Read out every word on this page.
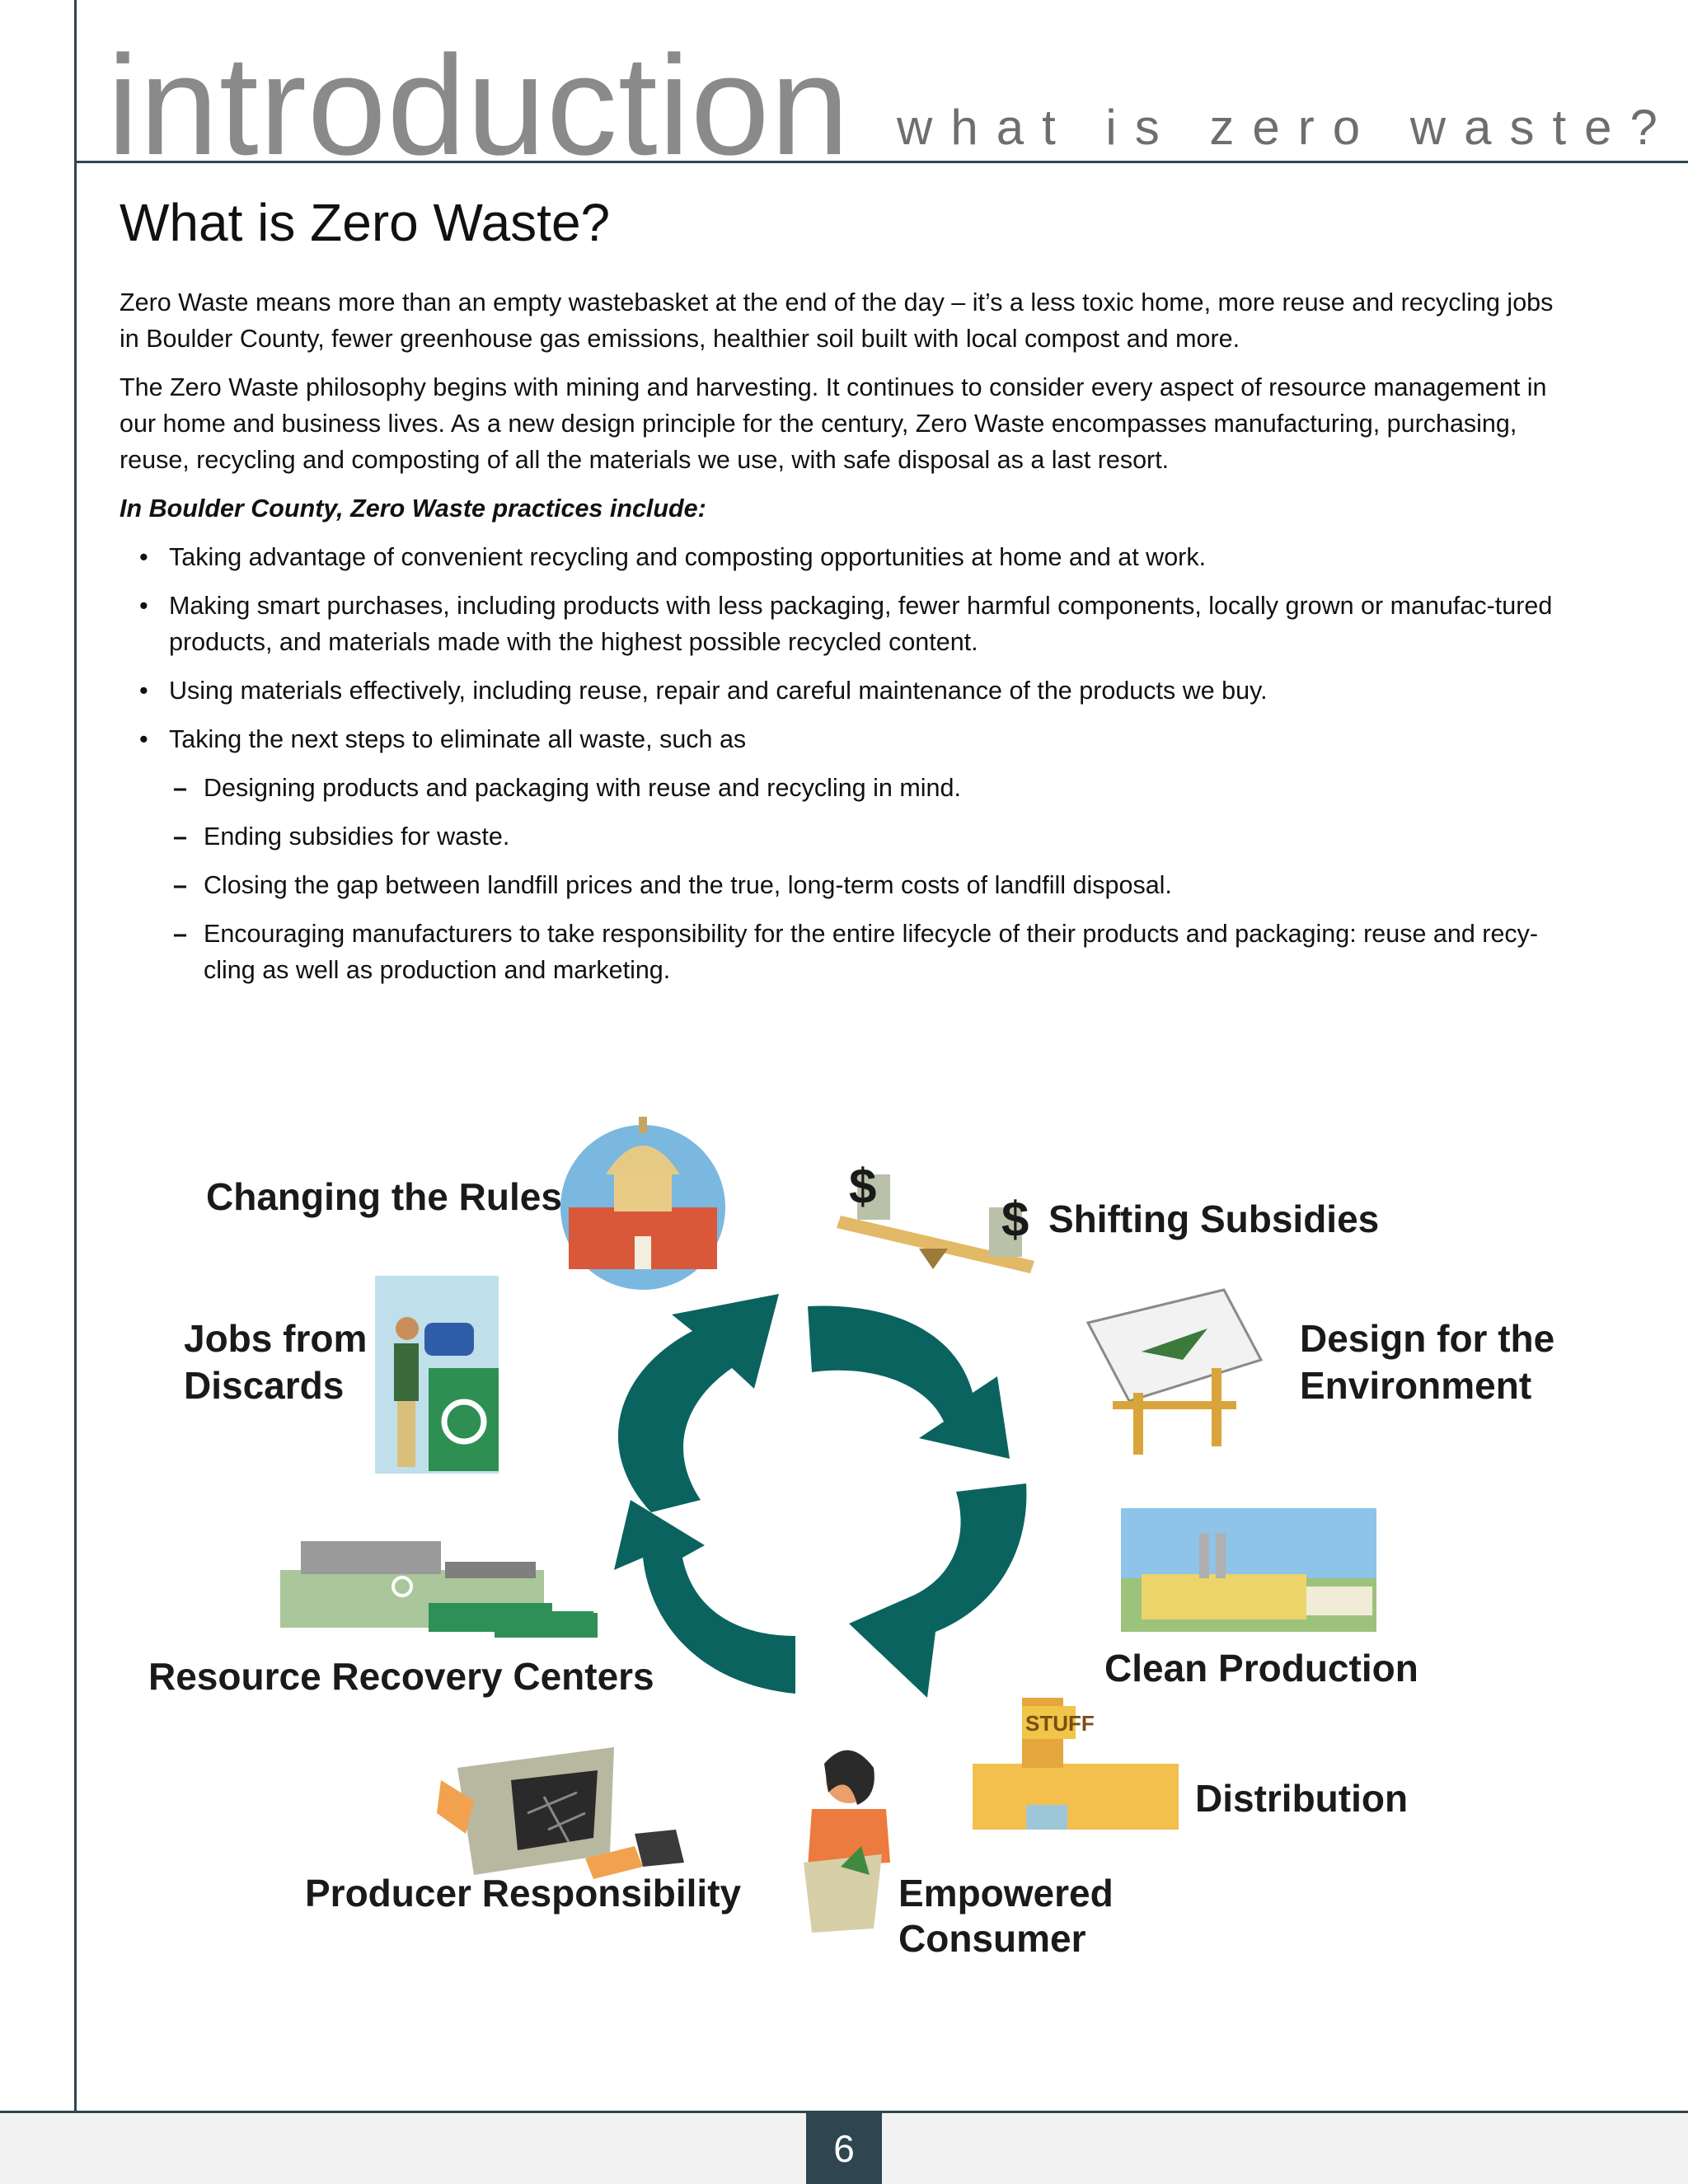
introduction what is zero waste?
What is Zero Waste?

Zero Waste means more than an empty wastebasket at the end of the day – it’s a less toxic home, more reuse and recycling jobs in Boulder County, fewer greenhouse gas emissions, healthier soil built with local compost and more.

The Zero Waste philosophy begins with mining and harvesting. It continues to consider every aspect of resource management in our home and business lives. As a new design principle for the century, Zero Waste encompasses manufacturing, purchasing, reuse, recycling and composting of all the materials we use, with safe disposal as a last resort.

In Boulder County, Zero Waste practices include:

• Taking advantage of convenient recycling and composting opportunities at home and at work.
• Making smart purchases, including products with less packaging, fewer harmful components, locally grown or manufac-tured products, and materials made with the highest possible recycled content.
• Using materials effectively, including reuse, repair and careful maintenance of the products we buy.
• Taking the next steps to eliminate all waste, such as
– Designing products and packaging with reuse and recycling in mind.
– Ending subsidies for waste.
– Closing the gap between landfill prices and the true, long-term costs of landfill disposal.
– Encouraging manufacturers to take responsibility for the entire lifecycle of their products and packaging: reuse and recy-cling as well as production and marketing.
$
$
STUFF
Changing the Rules
Shifting Subsidies
Jobs from
Discards
Design for the
Environment
Resource Recovery Centers	Clean Production
Distribution
Producer Responsibility	Empowered
Consumer
6
